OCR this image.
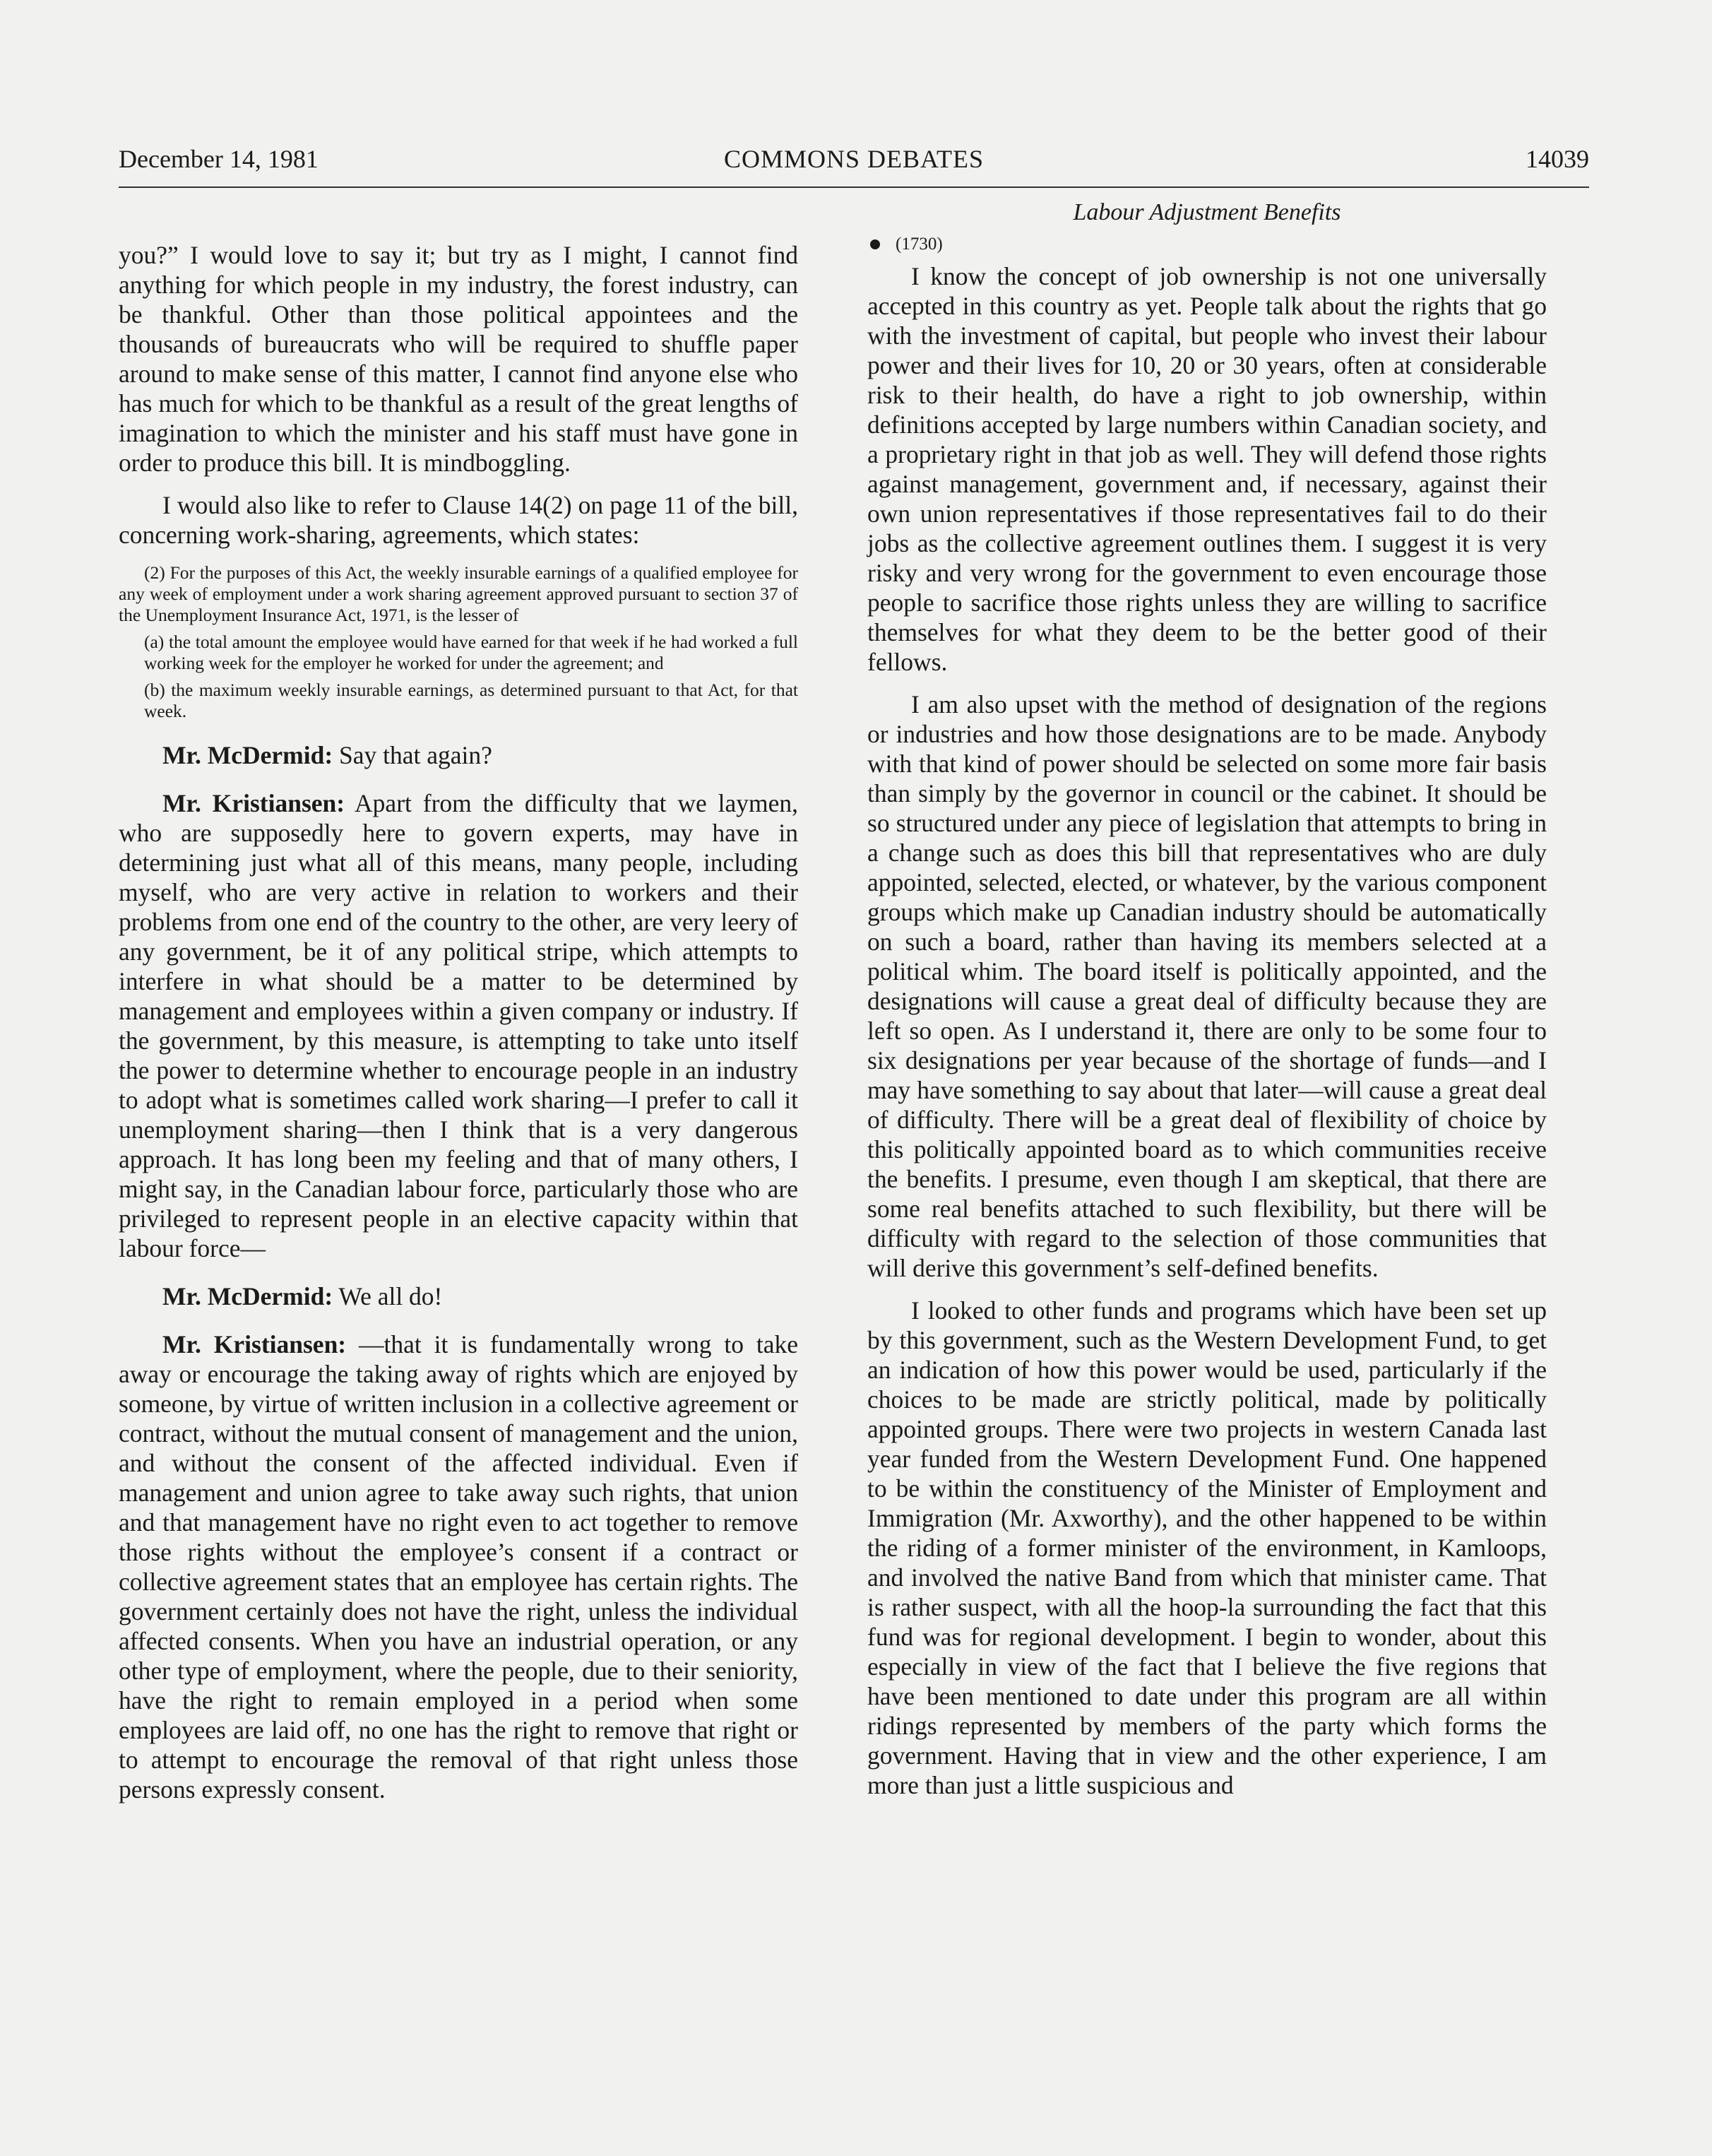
December 14, 1981	COMMONS DEBATES	14039

you?” I would love to say it; but try as I might, I cannot find anything for which people in my industry, the forest industry, can be thankful. Other than those political appointees and the thousands of bureaucrats who will be required to shuffle paper around to make sense of this matter, I cannot find anyone else who has much for which to be thankful as a result of the great lengths of imagination to which the minister and his staff must have gone in order to produce this bill. It is mindboggling.

I would also like to refer to Clause 14(2) on page 11 of the bill, concerning work-sharing, agreements, which states:

(2) For the purposes of this Act, the weekly insurable earnings of a qualified employee for any week of employment under a work sharing agreement approved pursuant to section 37 of the Unemployment Insurance Act, 1971, is the lesser of

(a) the total amount the employee would have earned for that week if he had worked a full working week for the employer he worked for under the agreement; and

(b) the maximum weekly insurable earnings, as determined pursuant to that Act, for that week.

Mr. McDermid: Say that again?

Mr. Kristiansen: Apart from the difficulty that we laymen, who are supposedly here to govern experts, may have in determining just what all of this means, many people, including myself, who are very active in relation to workers and their problems from one end of the country to the other, are very leery of any government, be it of any political stripe, which attempts to interfere in what should be a matter to be determined by management and employees within a given company or industry. If the government, by this measure, is attempting to take unto itself the power to determine whether to encourage people in an industry to adopt what is sometimes called work sharing—I prefer to call it unemployment sharing—then I think that is a very dangerous approach. It has long been my feeling and that of many others, I might say, in the Canadian labour force, particularly those who are privileged to represent people in an elective capacity within that labour force—

Mr. McDermid: We all do!

Mr. Kristiansen: —that it is fundamentally wrong to take away or encourage the taking away of rights which are enjoyed by someone, by virtue of written inclusion in a collective agreement or contract, without the mutual consent of management and the union, and without the consent of the affected individual. Even if management and union agree to take away such rights, that union and that management have no right even to act together to remove those rights without the employee’s consent if a contract or collective agreement states that an employee has certain rights. The government certainly does not have the right, unless the individual affected consents. When you have an industrial operation, or any other type of employment, where the people, due to their seniority, have the right to remain employed in a period when some employees are laid off, no one has the right to remove that right or to attempt to encourage the removal of that right unless those persons expressly consent.

Labour Adjustment Benefits
(1730)

I know the concept of job ownership is not one universally accepted in this country as yet. People talk about the rights that go with the investment of capital, but people who invest their labour power and their lives for 10, 20 or 30 years, often at considerable risk to their health, do have a right to job ownership, within definitions accepted by large numbers within Canadian society, and a proprietary right in that job as well. They will defend those rights against management, government and, if necessary, against their own union representatives if those representatives fail to do their jobs as the collective agreement outlines them. I suggest it is very risky and very wrong for the government to even encourage those people to sacrifice those rights unless they are willing to sacrifice themselves for what they deem to be the better good of their fellows.

I am also upset with the method of designation of the regions or industries and how those designations are to be made. Anybody with that kind of power should be selected on some more fair basis than simply by the governor in council or the cabinet. It should be so structured under any piece of legislation that attempts to bring in a change such as does this bill that representatives who are duly appointed, selected, elected, or whatever, by the various component groups which make up Canadian industry should be automatically on such a board, rather than having its members selected at a political whim. The board itself is politically appointed, and the designations will cause a great deal of difficulty because they are left so open. As I understand it, there are only to be some four to six designations per year because of the shortage of funds—and I may have something to say about that later—will cause a great deal of difficulty. There will be a great deal of flexibility of choice by this politically appointed board as to which communities receive the benefits. I presume, even though I am skeptical, that there are some real benefits attached to such flexibility, but there will be difficulty with regard to the selection of those communities that will derive this government’s self-defined benefits.

I looked to other funds and programs which have been set up by this government, such as the Western Development Fund, to get an indication of how this power would be used, particularly if the choices to be made are strictly political, made by politically appointed groups. There were two projects in western Canada last year funded from the Western Development Fund. One happened to be within the constituency of the Minister of Employment and Immigration (Mr. Axworthy), and the other happened to be within the riding of a former minister of the environment, in Kamloops, and involved the native Band from which that minister came. That is rather suspect, with all the hoop-la surrounding the fact that this fund was for regional development. I begin to wonder, about this especially in view of the fact that I believe the five regions that have been mentioned to date under this program are all within ridings represented by members of the party which forms the government. Having that in view and the other experience, I am more than just a little suspicious and
